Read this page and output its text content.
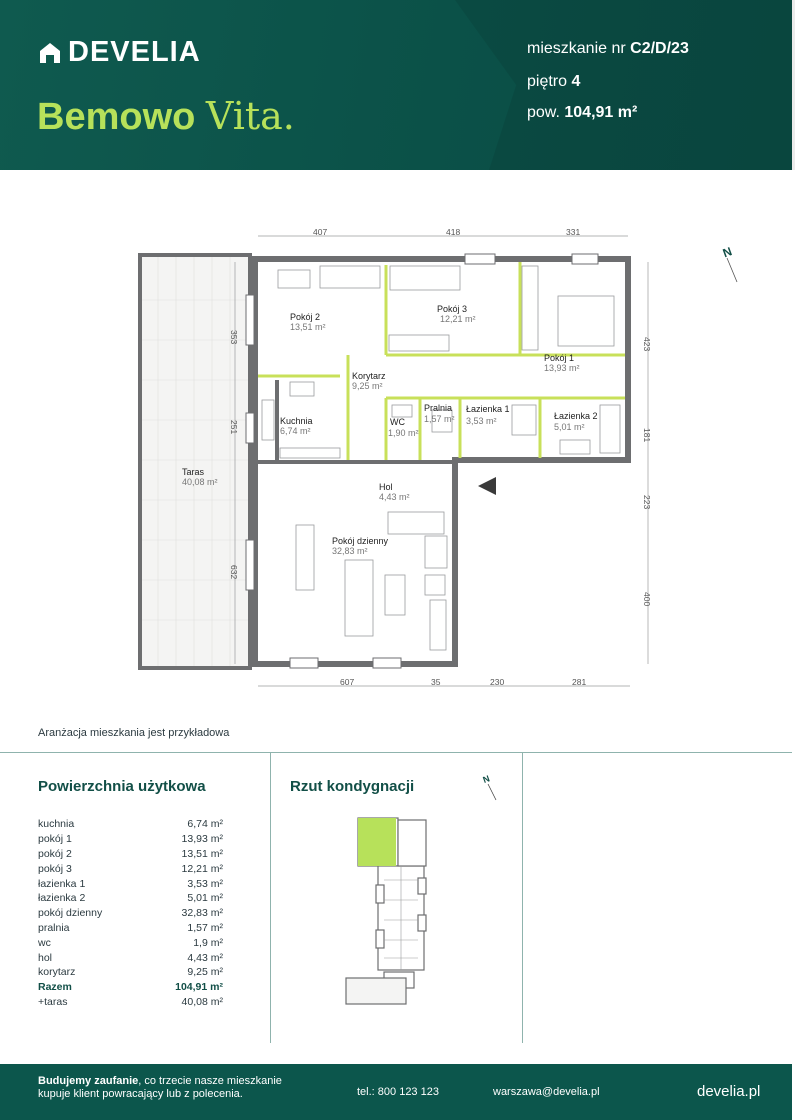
DEVELIA
Bemowo Vita.
mieszkanie nr C2/D/23
piętro 4
pow. 104,91 m²
N
407	418	331
607	35	230	281
353
251
632
423
181
223
400
Pokój 2
13,51 m²
Pokój 3
12,21 m²
Pokój 1
13,93 m²
Korytarz
9,25 m²
Kuchnia
6,74 m²
WC
1,90 m²
Pralnia
1,57 m²
Łazienka 1
3,53 m²	Łazienka 2
5,01 m²
Taras
40,08 m²	Hol
4,43 m²
Pokój dzienny
32,83 m²
Aranżacja mieszkania jest przykładowa
Powierzchnia użytkowa
kuchnia	6,74 m²
pokój 1	13,93 m²
pokój 2	13,51 m²
pokój 3	12,21 m²
łazienka 1	3,53 m²
łazienka 2	5,01 m²
pokój dzienny	32,83 m²
pralnia	1,57 m²
wc	1,9 m²
hol	4,43 m²
korytarz	9,25 m²
Razem	104,91 m²
+taras	40,08 m²
Rzut kondygnacji	N
Budujemy zaufanie, co trzecie nasze mieszkanie
kupuje klient powracający lub z polecenia.	tel.: 800 123 123	warszawa@develia.pl	develia.pl
